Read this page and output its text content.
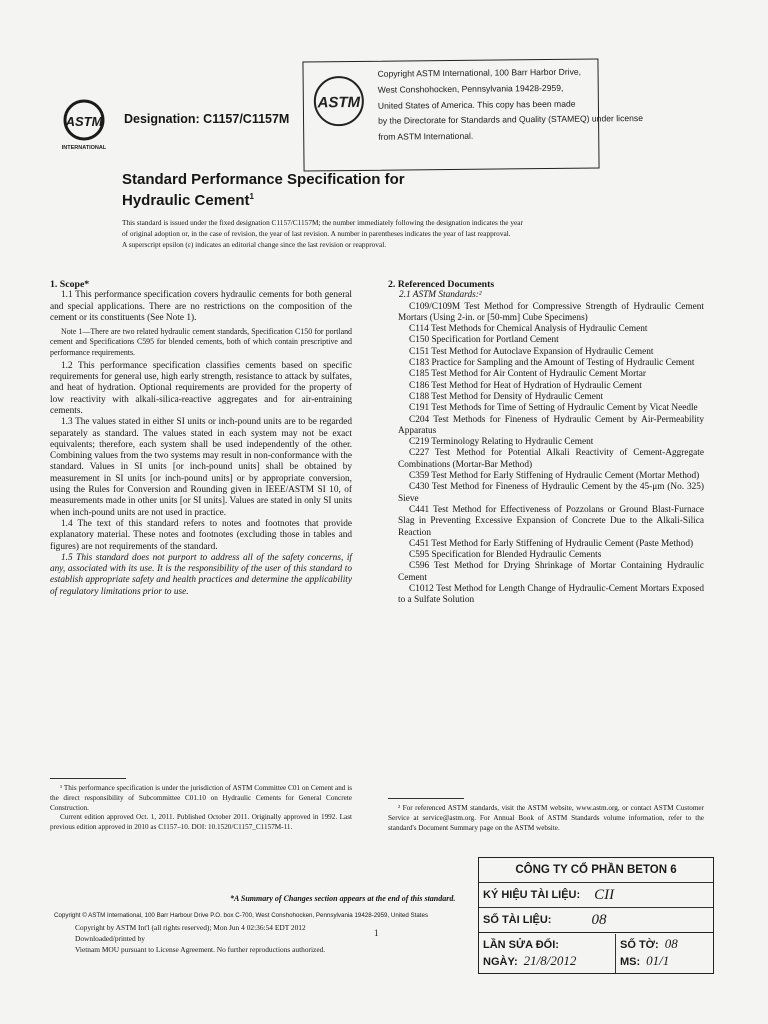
ASTM
Copyright ASTM International, 100 Barr Harbor Drive,
West Conshohocken, Pennsylvania 19428-2959,
United States of America. This copy has been made
by the Directorate for Standards and Quality (STAMEQ) under license
from ASTM International.
ASTM
INTERNATIONAL
Designation: C1157/C1157M
Standard Performance Specification for
Hydraulic Cement$^1$
This standard is issued under the fixed designation C1157/C1157M; the number immediately following the designation indicates the year
of original adoption or, in the case of revision, the year of last revision. A number in parentheses indicates the year of last reapproval.
A superscript epsilon (ε) indicates an editorial change since the last revision or reapproval.

1. Scope*

1.1 This performance specification covers hydraulic cements for both general and special applications. There are no restrictions on the composition of the cement or its constituents (See Note 1).

Note 1—There are two related hydraulic cement standards, Specification C150 for portland cement and Specifications C595 for blended cements, both of which contain prescriptive and performance requirements.

1.2 This performance specification classifies cements based on specific requirements for general use, high early strength, resistance to attack by sulfates, and heat of hydration. Optional requirements are provided for the property of low reactivity with alkali-silica-reactive aggregates and for air-entraining cements.

1.3 The values stated in either SI units or inch-pound units are to be regarded separately as standard. The values stated in each system may not be exact equivalents; therefore, each system shall be used independently of the other. Combining values from the two systems may result in non-conformance with the standard. Values in SI units [or inch-pound units] shall be obtained by measurement in SI units [or inch-pound units] or by appropriate conversion, using the Rules for Conversion and Rounding given in IEEE/ASTM SI 10, of measurements made in other units [or SI units]. Values are stated in only SI units when inch-pound units are not used in practice.

1.4 The text of this standard refers to notes and footnotes that provide explanatory material. These notes and footnotes (excluding those in tables and figures) are not requirements of the standard.

1.5 This standard does not purport to address all of the safety concerns, if any, associated with its use. It is the responsibility of the user of this standard to establish appropriate safety and health practices and determine the applicability of regulatory limitations prior to use.

¹ This performance specification is under the jurisdiction of ASTM Committee C01 on Cement and is the direct responsibility of Subcommittee C01.10 on Hydraulic Cements for General Concrete Construction.

Current edition approved Oct. 1, 2011. Published October 2011. Originally approved in 1992. Last previous edition approved in 2010 as C1157–10. DOI: 10.1520/C1157_C1157M-11.

2. Referenced Documents

2.1 ASTM Standards:²

C109/C109M Test Method for Compressive Strength of Hydraulic Cement Mortars (Using 2-in. or [50-mm] Cube Specimens)

C114 Test Methods for Chemical Analysis of Hydraulic Cement

C150 Specification for Portland Cement

C151 Test Method for Autoclave Expansion of Hydraulic Cement

C183 Practice for Sampling and the Amount of Testing of Hydraulic Cement

C185 Test Method for Air Content of Hydraulic Cement Mortar

C186 Test Method for Heat of Hydration of Hydraulic Cement

C188 Test Method for Density of Hydraulic Cement

C191 Test Methods for Time of Setting of Hydraulic Cement by Vicat Needle

C204 Test Methods for Fineness of Hydraulic Cement by Air-Permeability Apparatus

C219 Terminology Relating to Hydraulic Cement

C227 Test Method for Potential Alkali Reactivity of Cement-Aggregate Combinations (Mortar-Bar Method)

C359 Test Method for Early Stiffening of Hydraulic Cement (Mortar Method)

C430 Test Method for Fineness of Hydraulic Cement by the 45-μm (No. 325) Sieve

C441 Test Method for Effectiveness of Pozzolans or Ground Blast-Furnace Slag in Preventing Excessive Expansion of Concrete Due to the Alkali-Silica Reaction

C451 Test Method for Early Stiffening of Hydraulic Cement (Paste Method)

C595 Specification for Blended Hydraulic Cements

C596 Test Method for Drying Shrinkage of Mortar Containing Hydraulic Cement

C1012 Test Method for Length Change of Hydraulic-Cement Mortars Exposed to a Sulfate Solution

² For referenced ASTM standards, visit the ASTM website, www.astm.org, or contact ASTM Customer Service at service@astm.org. For Annual Book of ASTM Standards volume information, refer to the standard's Document Summary page on the ASTM website.

*A Summary of Changes section appears at the end of this standard.
Copyright © ASTM International, 100 Barr Harbour Drive P.O. box C-700, West Conshohocken, Pennsylvania 19428-2959, United States
Copyright by ASTM Int'l (all rights reserved); Mon Jun 4 02:36:54 EDT 2012
Downloaded/printed by
Vietnam MOU pursuant to License Agreement. No further reproductions authorized.
1
CÔNG TY CỔ PHẦN BETON 6
KÝ HIỆU TÀI LIỆU: CII
SỐ TÀI LIỆU:	08
LẦN SỬA ĐỔI:
NGÀY: 21/8/2012
SỐ TỜ: 08
MS: 01/1
